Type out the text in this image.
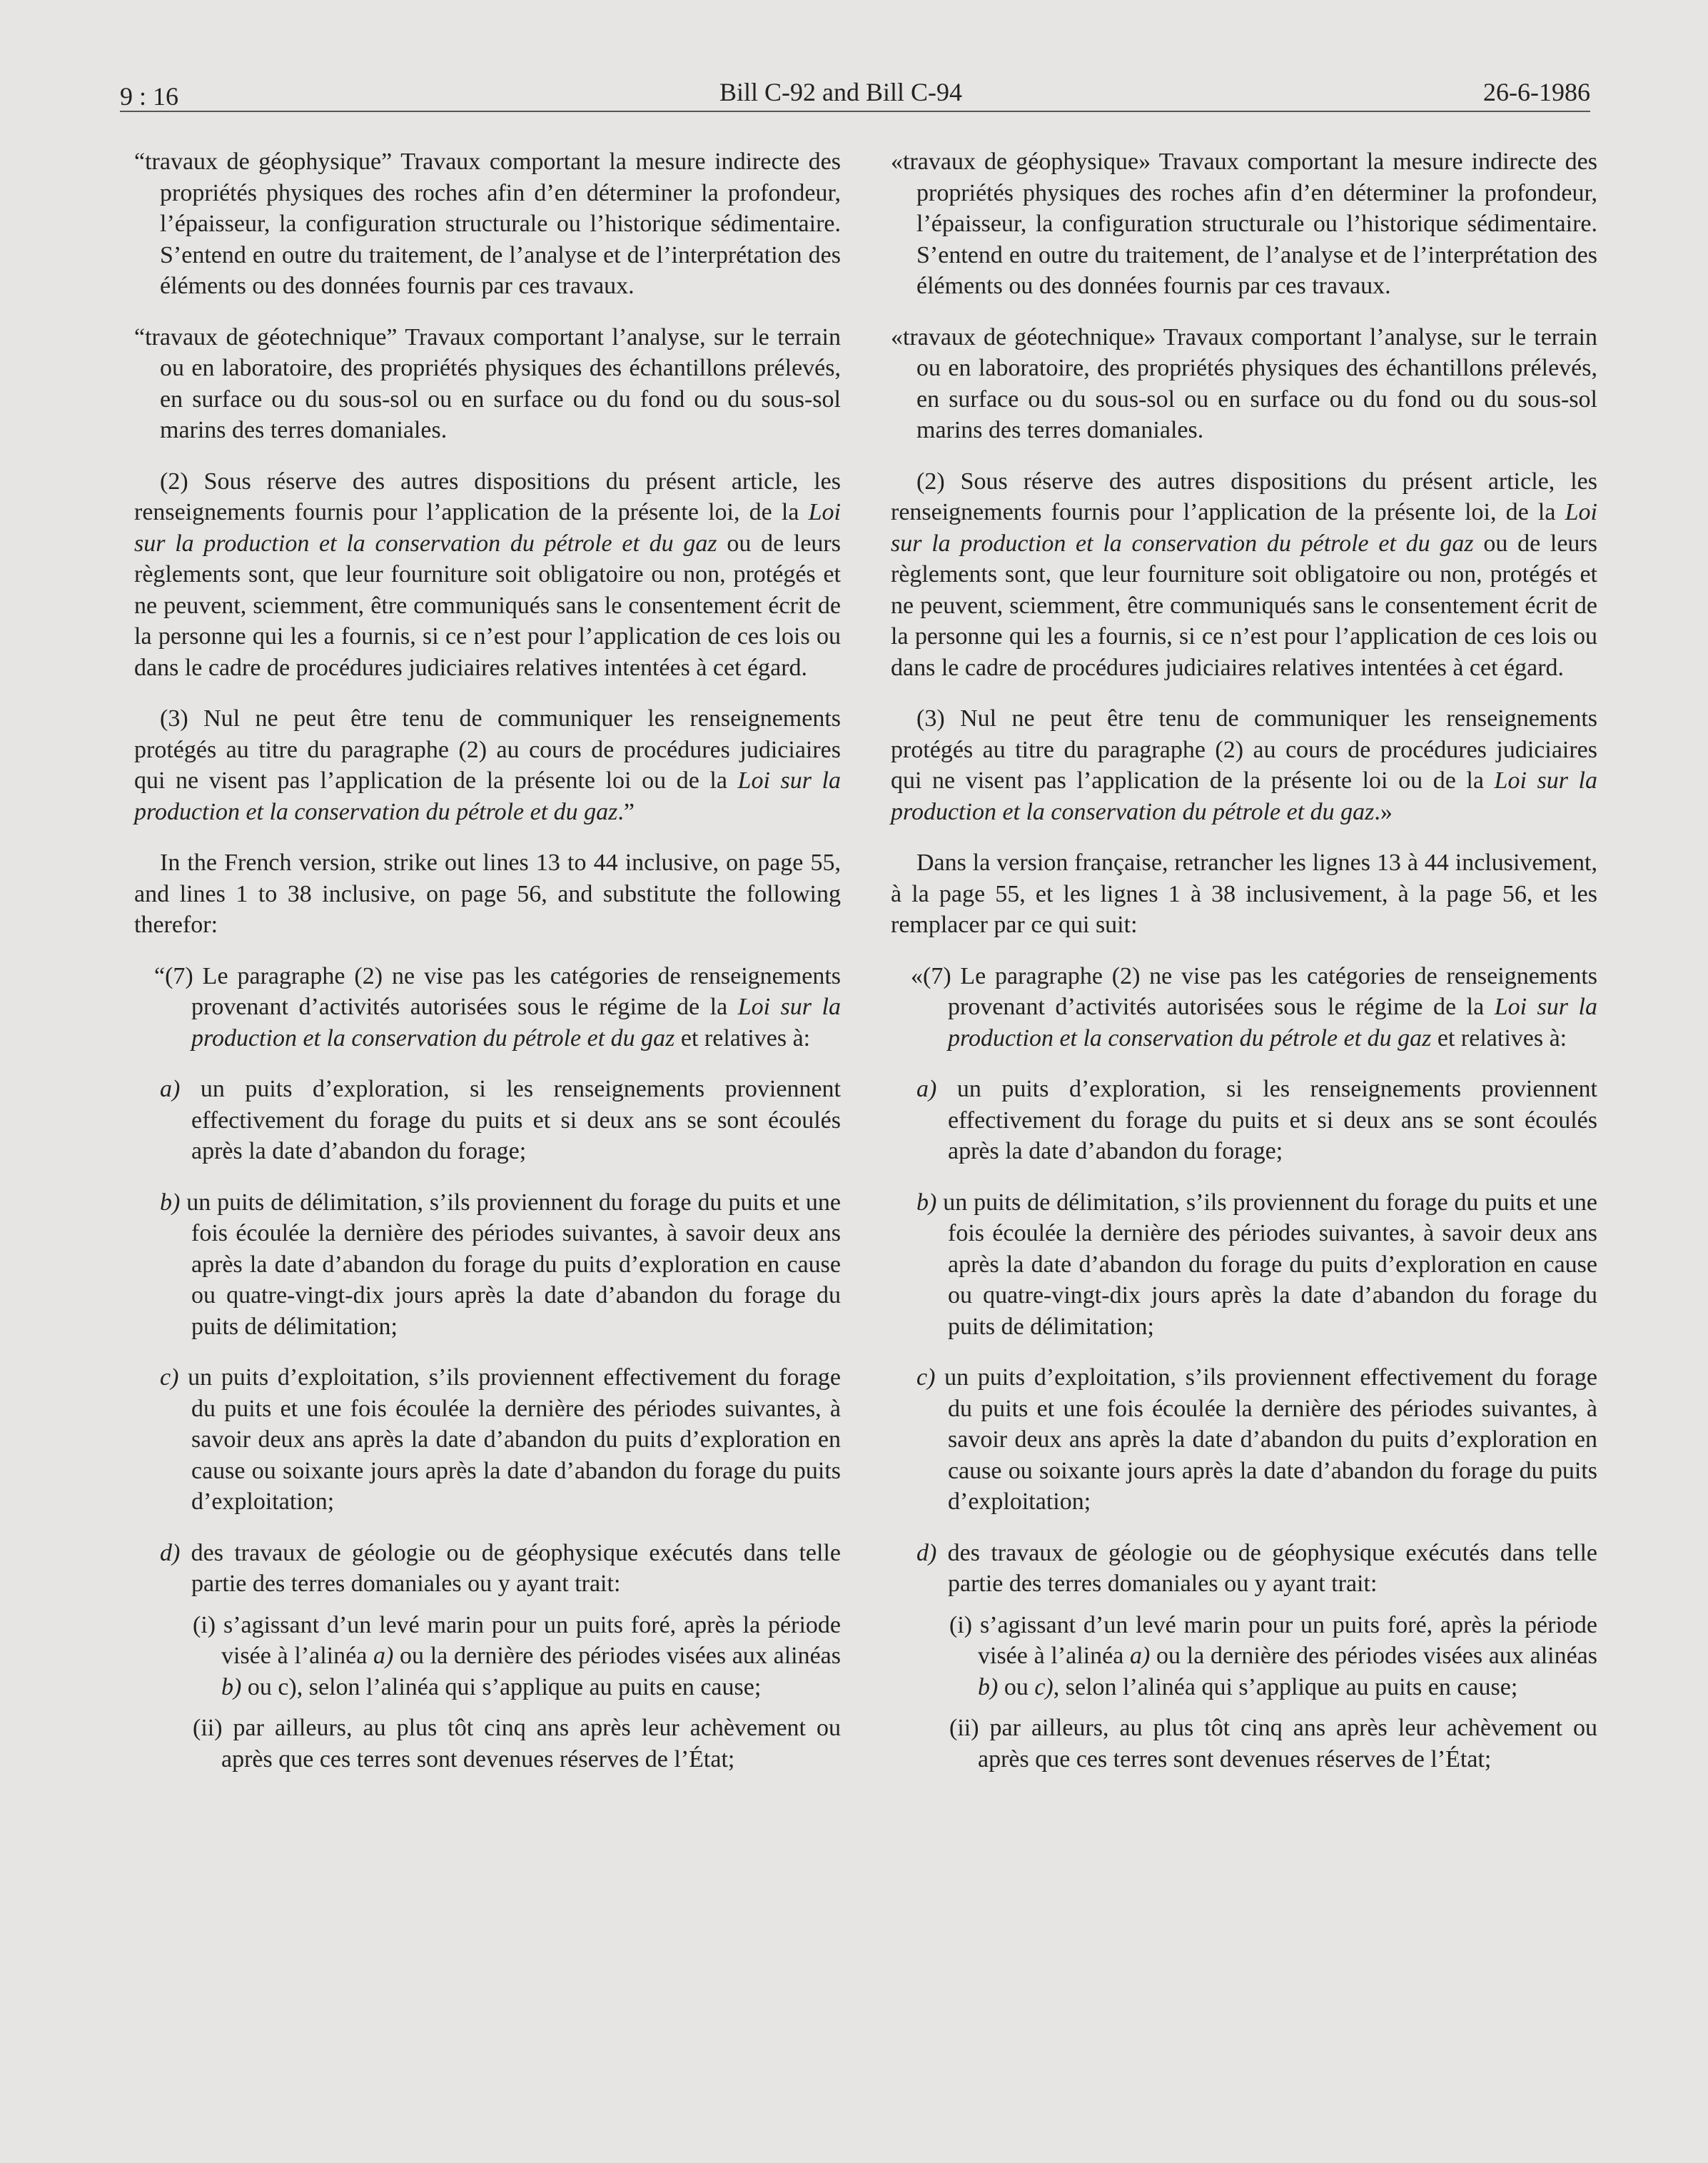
9 : 16	Bill C-92 and Bill C-94	26-6-1986

“travaux de géophysique” Travaux comportant la mesure indirecte des propriétés physiques des roches afin d’en déterminer la profondeur, l’épaisseur, la configuration structurale ou l’historique sédimentaire. S’entend en outre du traitement, de l’analyse et de l’interprétation des éléments ou des données fournis par ces travaux.

“travaux de géotechnique” Travaux comportant l’analyse, sur le terrain ou en laboratoire, des propriétés physiques des échantillons prélevés, en surface ou du sous-sol ou en surface ou du fond ou du sous-sol marins des terres domaniales.

(2) Sous réserve des autres dispositions du présent article, les renseignements fournis pour l’application de la présente loi, de la Loi sur la production et la conservation du pétrole et du gaz ou de leurs règlements sont, que leur fourniture soit obligatoire ou non, protégés et ne peuvent, sciemment, être communiqués sans le consentement écrit de la personne qui les a fournis, si ce n’est pour l’application de ces lois ou dans le cadre de procédures judiciaires relatives intentées à cet égard.

(3) Nul ne peut être tenu de communiquer les renseignements protégés au titre du paragraphe (2) au cours de procédures judiciaires qui ne visent pas l’application de la présente loi ou de la Loi sur la production et la conservation du pétrole et du gaz.”

In the French version, strike out lines 13 to 44 inclusive, on page 55, and lines 1 to 38 inclusive, on page 56, and substitute the following therefor:

“(7) Le paragraphe (2) ne vise pas les catégories de renseignements provenant d’activités autorisées sous le régime de la Loi sur la production et la conservation du pétrole et du gaz et relatives à:

a) un puits d’exploration, si les renseignements proviennent effectivement du forage du puits et si deux ans se sont écoulés après la date d’abandon du forage;

b) un puits de délimitation, s’ils proviennent du forage du puits et une fois écoulée la dernière des périodes suivantes, à savoir deux ans après la date d’abandon du forage du puits d’exploration en cause ou quatre-vingt-dix jours après la date d’abandon du forage du puits de délimitation;

c) un puits d’exploitation, s’ils proviennent effectivement du forage du puits et une fois écoulée la dernière des périodes suivantes, à savoir deux ans après la date d’abandon du puits d’exploration en cause ou soixante jours après la date d’abandon du forage du puits d’exploitation;

d) des travaux de géologie ou de géophysique exécutés dans telle partie des terres domaniales ou y ayant trait:

(i) s’agissant d’un levé marin pour un puits foré, après la période visée à l’alinéa a) ou la dernière des périodes visées aux alinéas b) ou c), selon l’alinéa qui s’applique au puits en cause;

(ii) par ailleurs, au plus tôt cinq ans après leur achèvement ou après que ces terres sont devenues réserves de l’État;

«travaux de géophysique» Travaux comportant la mesure indirecte des propriétés physiques des roches afin d’en déterminer la profondeur, l’épaisseur, la configuration structurale ou l’historique sédimentaire. S’entend en outre du traitement, de l’analyse et de l’interprétation des éléments ou des données fournis par ces travaux.

«travaux de géotechnique» Travaux comportant l’analyse, sur le terrain ou en laboratoire, des propriétés physiques des échantillons prélevés, en surface ou du sous-sol ou en surface ou du fond ou du sous-sol marins des terres domaniales.

(2) Sous réserve des autres dispositions du présent article, les renseignements fournis pour l’application de la présente loi, de la Loi sur la production et la conservation du pétrole et du gaz ou de leurs règlements sont, que leur fourniture soit obligatoire ou non, protégés et ne peuvent, sciemment, être communiqués sans le consentement écrit de la personne qui les a fournis, si ce n’est pour l’application de ces lois ou dans le cadre de procédures judiciaires relatives intentées à cet égard.

(3) Nul ne peut être tenu de communiquer les renseignements protégés au titre du paragraphe (2) au cours de procédures judiciaires qui ne visent pas l’application de la présente loi ou de la Loi sur la production et la conservation du pétrole et du gaz.»

Dans la version française, retrancher les lignes 13 à 44 inclusivement, à la page 55, et les lignes 1 à 38 inclusivement, à la page 56, et les remplacer par ce qui suit:

«(7) Le paragraphe (2) ne vise pas les catégories de renseignements provenant d’activités autorisées sous le régime de la Loi sur la production et la conservation du pétrole et du gaz et relatives à:

a) un puits d’exploration, si les renseignements proviennent effectivement du forage du puits et si deux ans se sont écoulés après la date d’abandon du forage;

b) un puits de délimitation, s’ils proviennent du forage du puits et une fois écoulée la dernière des périodes suivantes, à savoir deux ans après la date d’abandon du forage du puits d’exploration en cause ou quatre-vingt-dix jours après la date d’abandon du forage du puits de délimitation;

c) un puits d’exploitation, s’ils proviennent effectivement du forage du puits et une fois écoulée la dernière des périodes suivantes, à savoir deux ans après la date d’abandon du puits d’exploration en cause ou soixante jours après la date d’abandon du forage du puits d’exploitation;

d) des travaux de géologie ou de géophysique exécutés dans telle partie des terres domaniales ou y ayant trait:

(i) s’agissant d’un levé marin pour un puits foré, après la période visée à l’alinéa a) ou la dernière des périodes visées aux alinéas b) ou c), selon l’alinéa qui s’applique au puits en cause;

(ii) par ailleurs, au plus tôt cinq ans après leur achèvement ou après que ces terres sont devenues réserves de l’État;
